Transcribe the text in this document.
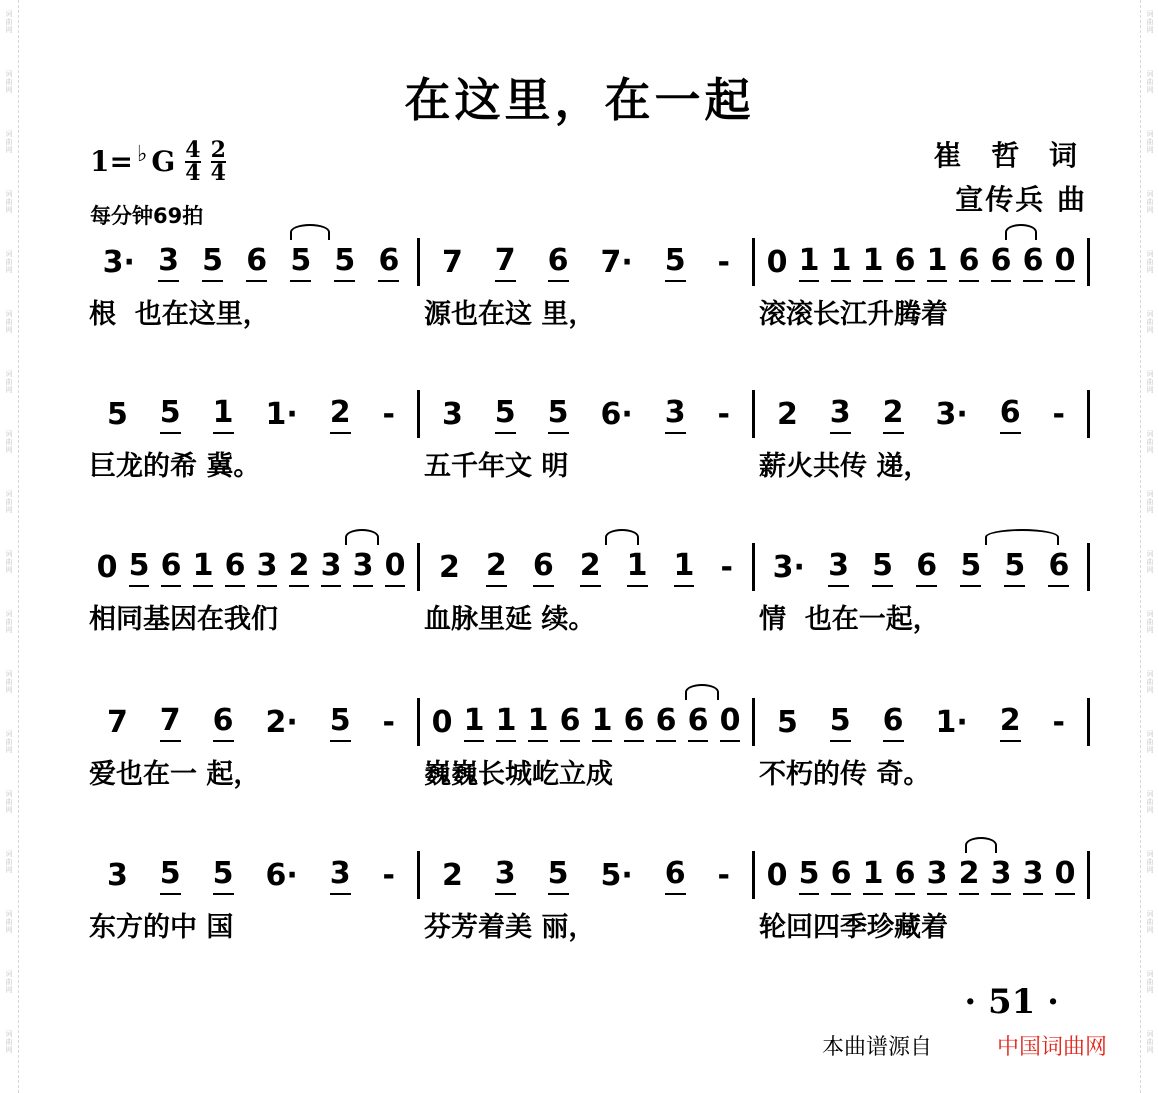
词
曲
网
词
曲
网
词
曲
网
词
曲
网
词
曲
网
词
曲
网
词
曲
网
词
曲
网
词
曲
网
词
曲
网
词
曲
网
词
曲
网
词
曲
网
词
曲
网
词
曲
网
词
曲
网
词
曲
网
词
曲
网
词
曲
网
词
曲
网
词
曲
网
词
曲
网
词
曲
网
词
曲
网
词
曲
网
词
曲
网
词
曲
网
词
曲
网
词
曲
网
词
曲
网
词
曲
网
词
曲
网
词
曲
网
词
曲
网
词
曲
网
词
曲
网
在这里，在一起
1= ♭ G $\frac{4}{4} \frac{2}{4}$
每分钟69拍
崔 哲 词
宣传兵 曲
3· 3 5 6 5 5 6 7 7 6 7· 5 - 0 1 1 1 6 1 6 6 6 0
根  也在这里，	源也在这 里，	滚滚长江升腾着
5 5 1 1· 2 - 3 5 5 6· 3 - 2 3 2 3· 6 -
巨龙的希 冀。	五千年文 明	薪火共传 递，
0 5 6 1 6 3 2 3 3 0 2 2 6 2 1 1 - 3· 3 5 6 5 5 6
相同基因在我们	血脉里延 续。	情  也在一起，
7 7 6 2· 5 - 0 1 1 1 6 1 6 6 6 0 5 5 6 1· 2 -
爱也在一 起，	巍巍长城屹立成	不朽的传 奇。
3 5 5 6· 3 - 2 3 5 5· 6 - 0 5 6 1 6 3 2 3 3 0
东方的中 国	芬芳着美 丽，	轮回四季珍藏着
· 51 ·
本曲谱源自	中国词曲网
